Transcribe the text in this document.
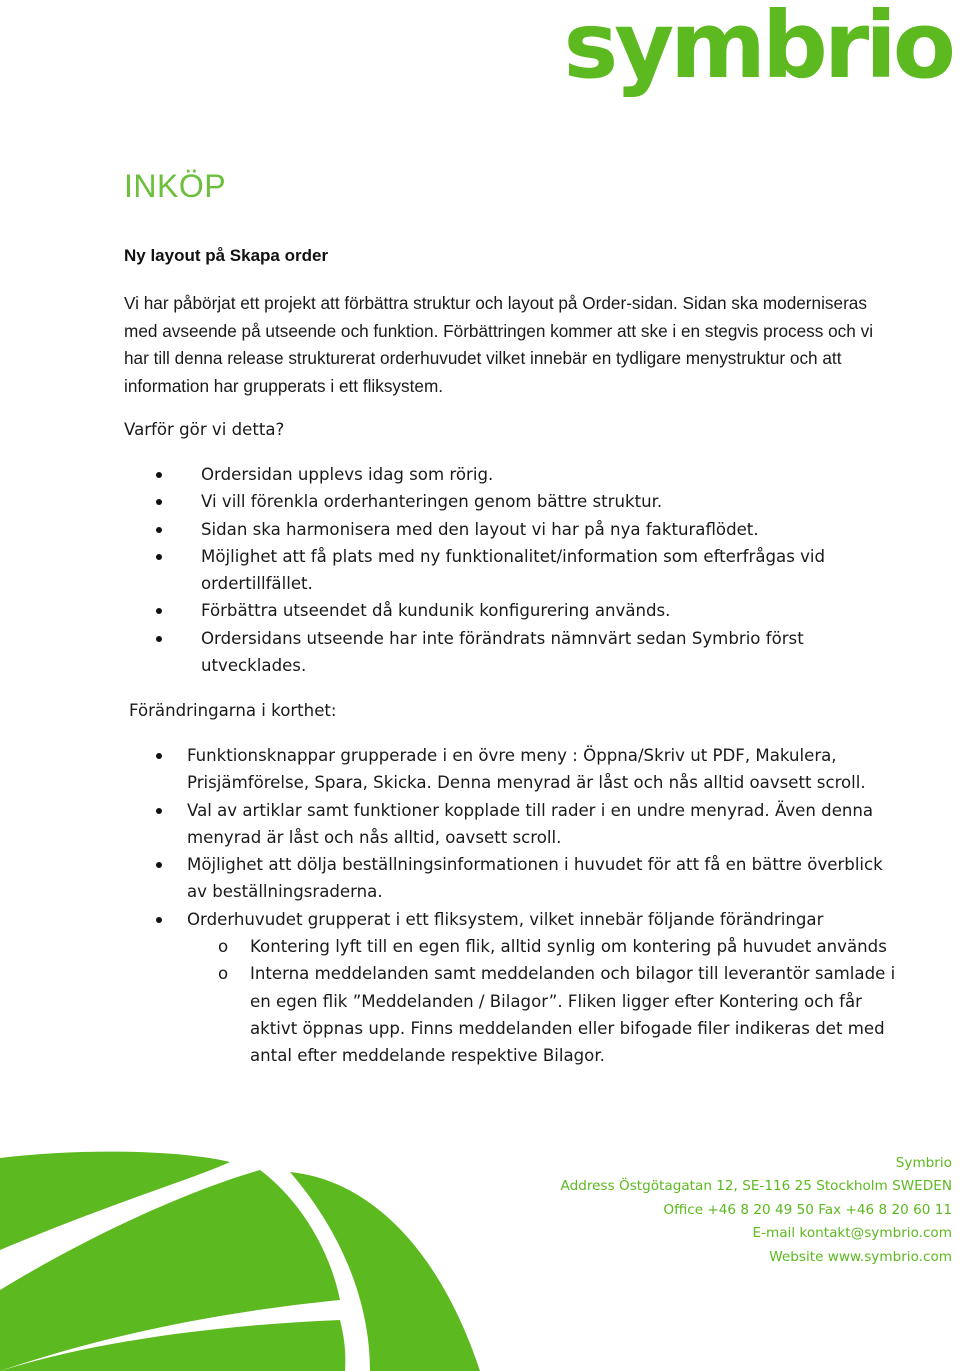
symbrio
INKÖP
Ny layout på Skapa order
Vi har påbörjat ett projekt att förbättra struktur och layout på Order-sidan. Sidan ska moderniseras med avseende på utseende och funktion. Förbättringen kommer att ske i en stegvis process och vi har till denna release strukturerat orderhuvudet vilket innebär en tydligare menystruktur och att information har grupperats i ett fliksystem.
Varför gör vi detta?
Ordersidan upplevs idag som rörig.
Vi vill förenkla orderhanteringen genom bättre struktur.
Sidan ska harmonisera med den layout vi har på nya fakturaflödet.
Möjlighet att få plats med ny funktionalitet/information som efterfrågas vid ordertillfället.
Förbättra utseendet då kundunik konfigurering används.
Ordersidans utseende har inte förändrats nämnvärt sedan Symbrio först utvecklades.
Förändringarna i korthet:
Funktionsknappar grupperade i en övre meny : Öppna/Skriv ut PDF, Makulera, Prisjämförelse, Spara, Skicka. Denna menyrad är låst och nås alltid oavsett scroll.
Val av artiklar samt funktioner kopplade till rader i en undre menyrad. Även denna menyrad är låst och nås alltid, oavsett scroll.
Möjlighet att dölja beställningsinformationen i huvudet för att få en bättre överblick av beställningsraderna.
Orderhuvudet grupperat i ett fliksystem, vilket innebär följande förändringar
o Kontering lyft till en egen flik, alltid synlig om kontering på huvudet används
o Interna meddelanden samt meddelanden och bilagor till leverantör samlade i en egen flik ”Meddelanden / Bilagor”. Fliken ligger efter Kontering och får aktivt öppnas upp. Finns meddelanden eller bifogade filer indikeras det med antal efter meddelande respektive Bilagor.
Symbrio
Address Östgötagatan 12, SE-116 25 Stockholm SWEDEN
Office +46 8 20 49 50 Fax +46 8 20 60 11
E-mail kontakt@symbrio.com
Website www.symbrio.com
